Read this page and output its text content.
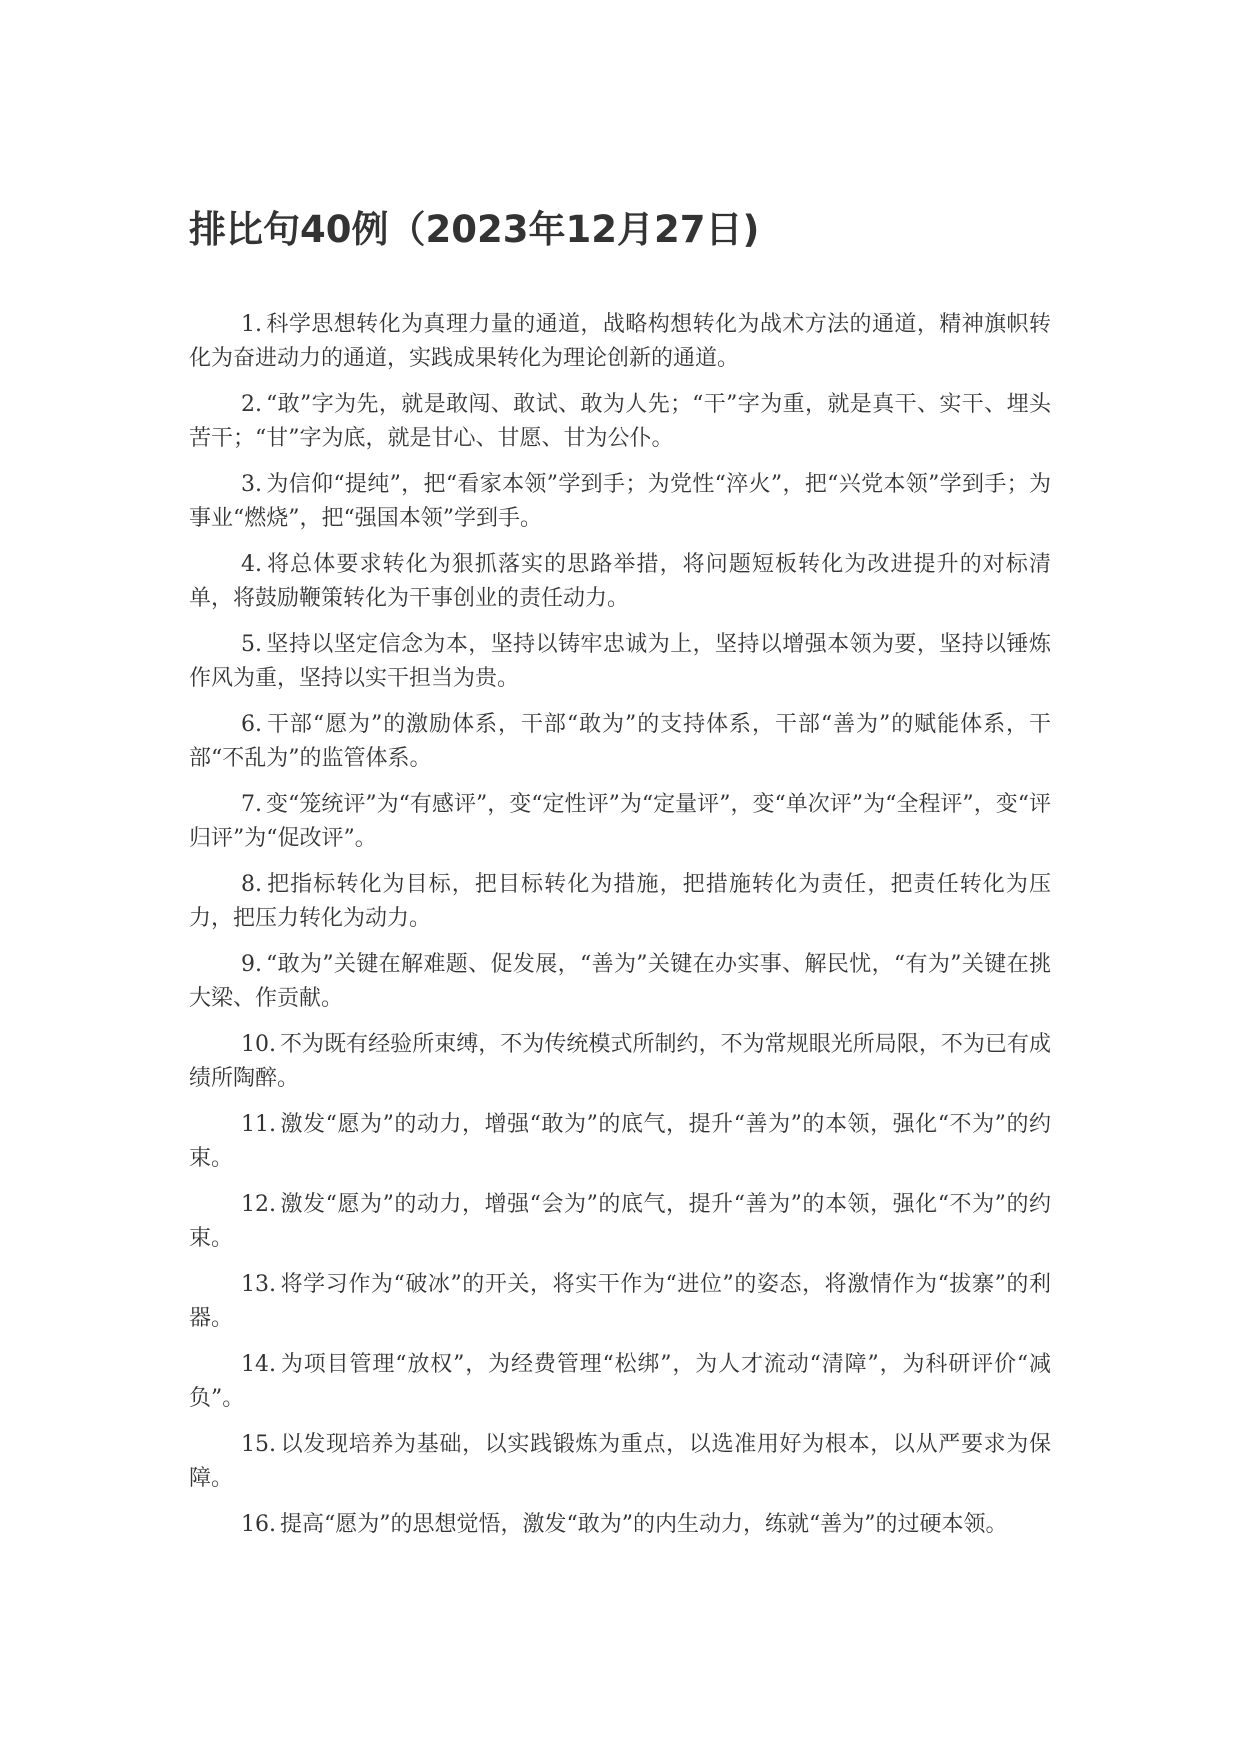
排比句40例（2023年12月27日)

1. 科学思想转化为真理力量的通道，战略构想转化为战术方法的通道，精神旗帜转化为奋进动力的通道，实践成果转化为理论创新的通道。

2. “敢”字为先，就是敢闯、敢试、敢为人先；“干”字为重，就是真干、实干、埋头苦干；“甘”字为底，就是甘心、甘愿、甘为公仆。

3. 为信仰“提纯”，把“看家本领”学到手；为党性“淬火”，把“兴党本领”学到手；为事业“燃烧”，把“强国本领”学到手。

4. 将总体要求转化为狠抓落实的思路举措，将问题短板转化为改进提升的对标清单，将鼓励鞭策转化为干事创业的责任动力。

5. 坚持以坚定信念为本，坚持以铸牢忠诚为上，坚持以增强本领为要，坚持以锤炼作风为重，坚持以实干担当为贵。

6. 干部“愿为”的激励体系，干部“敢为”的支持体系，干部“善为”的赋能体系，干部“不乱为”的监管体系。

7. 变“笼统评”为“有感评”，变“定性评”为“定量评”，变“单次评”为“全程评”，变“评归评”为“促改评”。

8. 把指标转化为目标，把目标转化为措施，把措施转化为责任，把责任转化为压力，把压力转化为动力。

9. “敢为”关键在解难题、促发展，“善为”关键在办实事、解民忧，“有为”关键在挑大梁、作贡献。

10. 不为既有经验所束缚，不为传统模式所制约，不为常规眼光所局限，不为已有成绩所陶醉。

11. 激发“愿为”的动力，增强“敢为”的底气，提升“善为”的本领，强化“不为”的约束。

12. 激发“愿为”的动力，增强“会为”的底气，提升“善为”的本领，强化“不为”的约束。

13. 将学习作为“破冰”的开关，将实干作为“进位”的姿态，将激情作为“拔寨”的利器。

14. 为项目管理“放权”，为经费管理“松绑”，为人才流动“清障”，为科研评价“减负”。

15. 以发现培养为基础，以实践锻炼为重点，以选准用好为根本，以从严要求为保障。

16. 提高“愿为”的思想觉悟，激发“敢为”的内生动力，练就“善为”的过硬本领。
